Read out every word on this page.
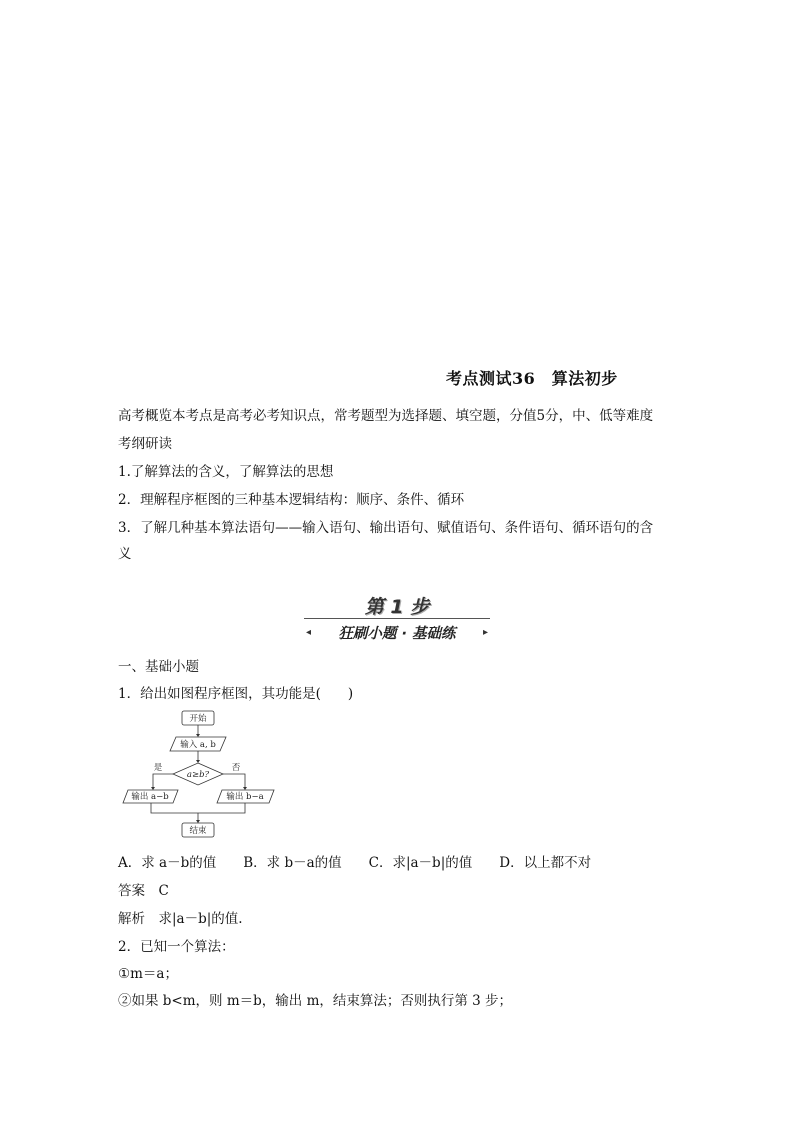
考点测试36　算法初步
高考概览本考点是高考必考知识点，常考题型为选择题、填空题，分值5分，中、低等难度
考纲研读
1.了解算法的含义，了解算法的思想
2．理解程序框图的三种基本逻辑结构：顺序、条件、循环
3．了解几种基本算法语句——输入语句、输出语句、赋值语句、条件语句、循环语句的含
义
第 1 步
◂	狂刷小题 · 基础练	▸
一、基础小题
1．给出如图程序框图，其功能是(　　)
开始
输入 a, b
a≥b?
是	否
输出 a−b	输出 b−a
结束
A．求 a－b的值　　B．求 b－a的值　　C．求|a－b|的值　　D．以上都不对
答案　C
解析　求|a－b|的值.
2．已知一个算法：
①m＝a；
②如果 b<m，则 m＝b，输出 m，结束算法；否则执行第 3 步；
